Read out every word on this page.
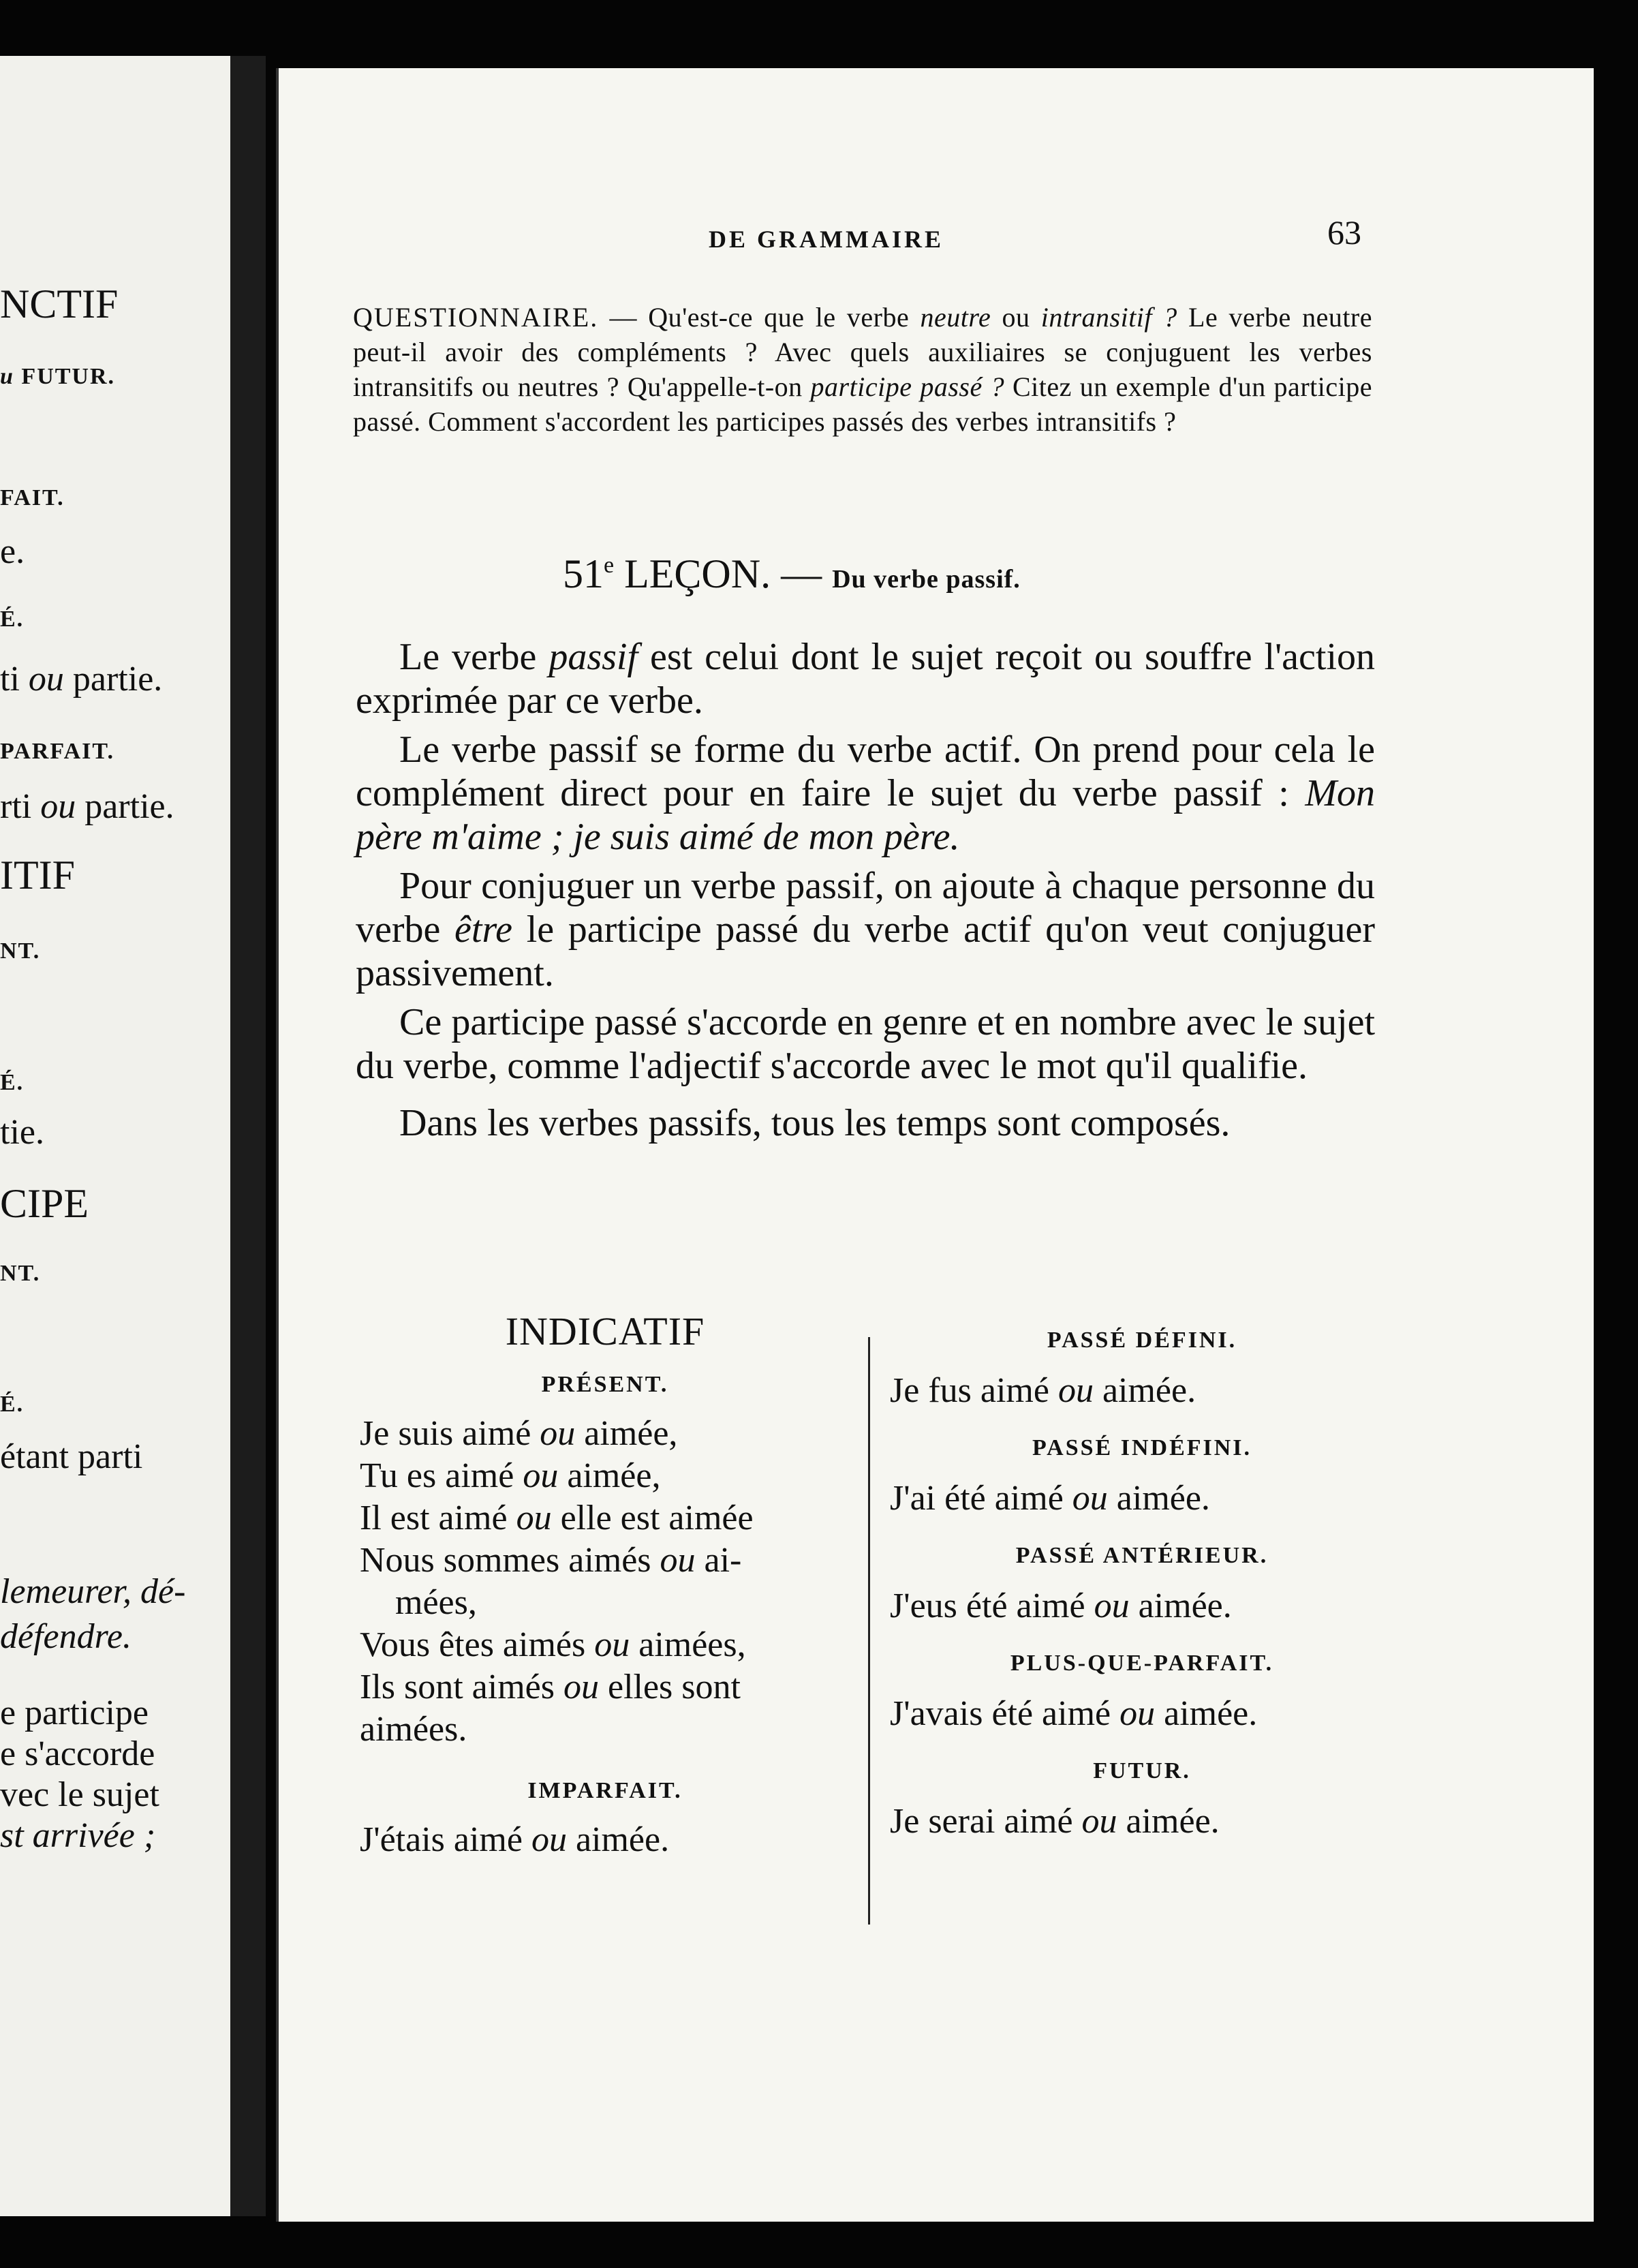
NCTIF
u FUTUR.
FAIT.
e.
É.
ti ou partie.
PARFAIT.
rti ou partie.
ITIF
NT.
É.
tie.
CIPE
NT.
É.
étant parti
lemeurer, dé-
défendre.
e participe
e s'accorde
vec le sujet
st arrivée ;
DE GRAMMAIRE	63
QUESTIONNAIRE. — Qu'est-ce que le verbe neutre ou intransitif ? Le verbe neutre peut-il avoir des compléments ? Avec quels auxiliaires se conjuguent les verbes intransitifs ou neutres ? Qu'appelle-t-on participe passé ? Citez un exemple d'un participe passé. Comment s'accordent les participes passés des verbes intransitifs ?
51e LEÇON. — Du verbe passif.

Le verbe passif est celui dont le sujet reçoit ou souffre l'action exprimée par ce verbe.

Le verbe passif se forme du verbe actif. On prend pour cela le complément direct pour en faire le sujet du verbe passif : Mon père m'aime ; je suis aimé de mon père.

Pour conjuguer un verbe passif, on ajoute à chaque personne du verbe être le participe passé du verbe actif qu'on veut conjuguer passivement.

Ce participe passé s'accorde en genre et en nombre avec le sujet du verbe, comme l'adjectif s'accorde avec le mot qu'il qualifie.

Dans les verbes passifs, tous les temps sont composés.

INDICATIF
PRÉSENT.
Je suis aimé ou aimée,
Tu es aimé ou aimée,
Il est aimé ou elle est aimée
Nous sommes aimés ou ai-
mées,
Vous êtes aimés ou aimées,
Ils sont aimés ou elles sont
aimées.
IMPARFAIT.
J'étais aimé ou aimée.
PASSÉ DÉFINI.
Je fus aimé ou aimée.
PASSÉ INDÉFINI.
J'ai été aimé ou aimée.
PASSÉ ANTÉRIEUR.
J'eus été aimé ou aimée.
PLUS-QUE-PARFAIT.
J'avais été aimé ou aimée.
FUTUR.
Je serai aimé ou aimée.
